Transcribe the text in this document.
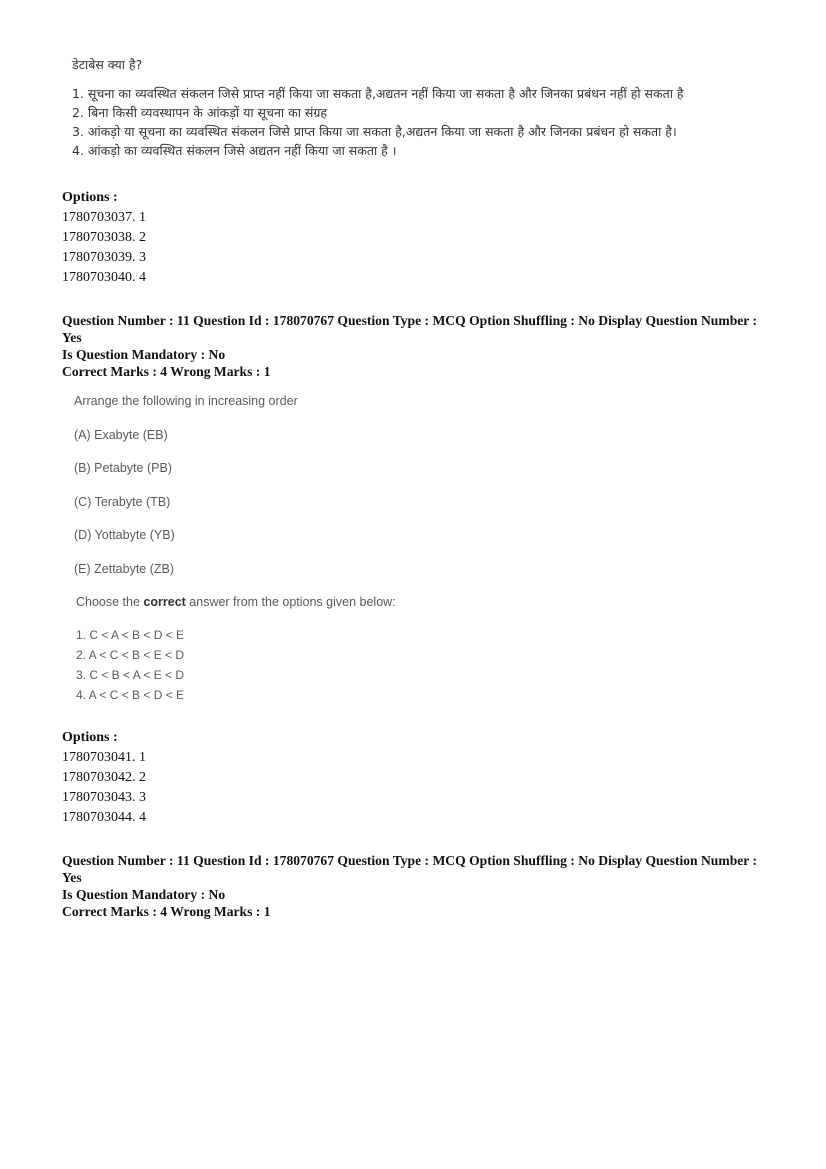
डेटाबेस क्या है?
1. सूचना का व्यवस्थित संकलन जिसे प्राप्त नहीं किया जा सकता है,अद्यतन नहीं किया जा सकता है और जिनका प्रबंधन नहीं हो सकता है
2. बिना किसी व्यवस्थापन के आंकड़ों या सूचना का संग्रह
3. आंकड़ो या सूचना का व्यवस्थित संकलन जिसे प्राप्त किया जा सकता है,अद्यतन किया जा सकता है और जिनका प्रबंधन हो सकता है।
4. आंकड़ो का व्यवस्थित संकलन जिसे अद्यतन नहीं किया जा सकता है ।
Options :
1780703037. 1
1780703038. 2
1780703039. 3
1780703040. 4
Question Number : 11 Question Id : 178070767 Question Type : MCQ Option Shuffling : No Display Question Number : Yes
Is Question Mandatory : No
Correct Marks : 4 Wrong Marks : 1
Arrange the following in increasing order
(A) Exabyte (EB)
(B) Petabyte (PB)
(C) Terabyte (TB)
(D) Yottabyte (YB)
(E) Zettabyte (ZB)
Choose the correct answer from the options given below:
1. C < A < B < D < E
2. A < C < B < E < D
3. C < B < A < E < D
4. A < C < B < D < E
Options :
1780703041. 1
1780703042. 2
1780703043. 3
1780703044. 4
Question Number : 11 Question Id : 178070767 Question Type : MCQ Option Shuffling : No Display Question Number : Yes
Is Question Mandatory : No
Correct Marks : 4 Wrong Marks : 1
